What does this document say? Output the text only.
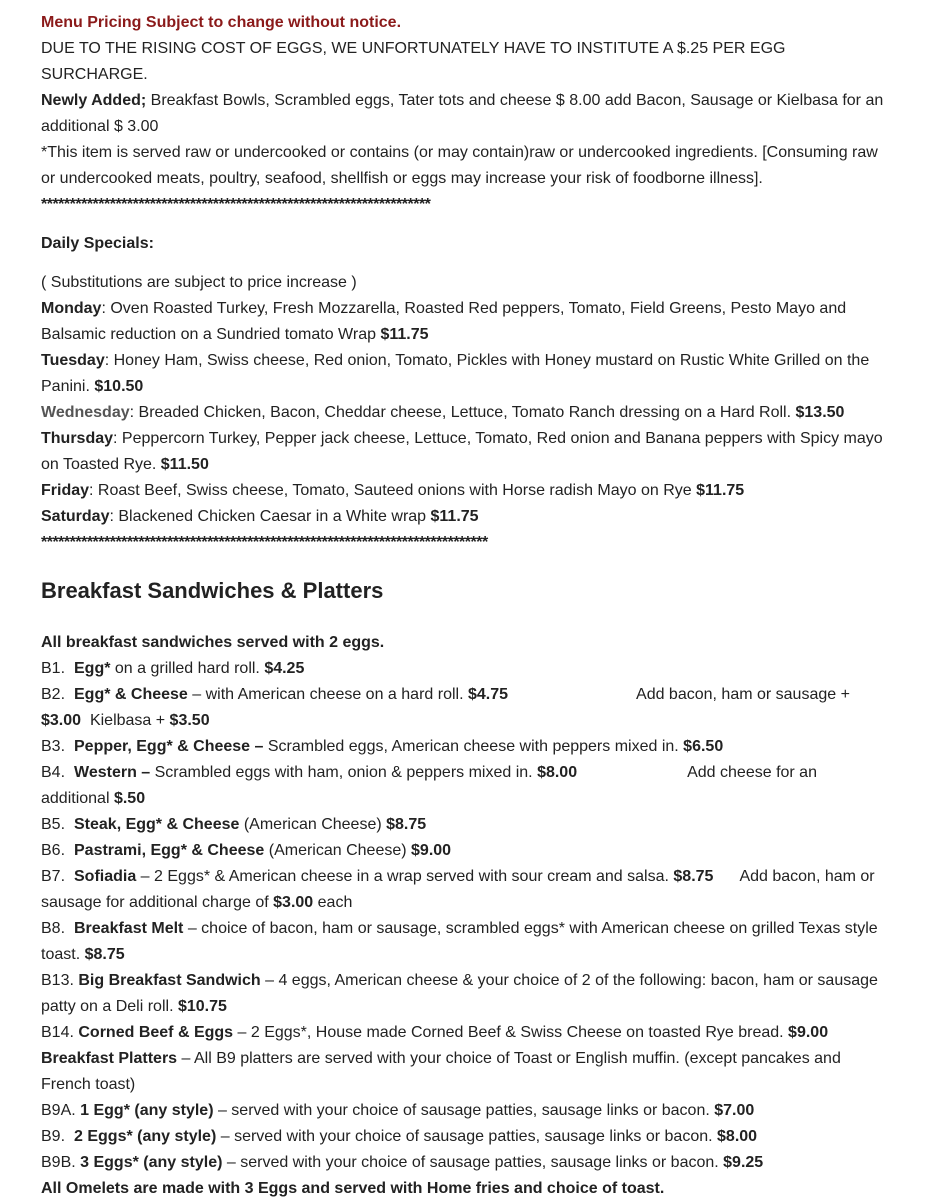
Menu Pricing Subject to change without notice.

DUE TO THE RISING COST OF EGGS, WE UNFORTUNATELY HAVE TO INSTITUTE A $.25 PER EGG SURCHARGE.

Newly Added; Breakfast Bowls, Scrambled eggs, Tater tots and cheese $ 8.00 add Bacon, Sausage or Kielbasa for an additional $ 3.00

*This item is served raw or undercooked or contains (or may contain)raw or undercooked ingredients. [Consuming raw or undercooked meats, poultry, seafood, shellfish or eggs may increase your risk of foodborne illness].

********************************************************************

Daily Specials:

( Substitutions are subject to price increase )

Monday: Oven Roasted Turkey, Fresh Mozzarella, Roasted Red peppers, Tomato, Field Greens, Pesto Mayo and Balsamic reduction on a Sundried tomato Wrap $11.75

Tuesday: Honey Ham, Swiss cheese, Red onion, Tomato, Pickles with Honey mustard on Rustic White Grilled on the Panini. $10.50

Wednesday: Breaded Chicken, Bacon, Cheddar cheese, Lettuce, Tomato Ranch dressing on a Hard Roll. $13.50

Thursday: Peppercorn Turkey, Pepper jack cheese, Lettuce, Tomato, Red onion and Banana peppers with Spicy mayo on Toasted Rye. $11.50

Friday: Roast Beef, Swiss cheese, Tomato, Sauteed onions with Horse radish Mayo on Rye $11.75

Saturday: Blackened Chicken Caesar in a White wrap $11.75

******************************************************************************
Breakfast Sandwiches & Platters

All breakfast sandwiches served with 2 eggs.

B1. Egg* on a grilled hard roll. $4.25

B2. Egg* & Cheese – with American cheese on a hard roll. $4.75	Add bacon, ham or sausage + $3.00  Kielbasa + $3.50

B3. Pepper, Egg* & Cheese – Scrambled eggs, American cheese with peppers mixed in. $6.50

B4. Western – Scrambled eggs with ham, onion & peppers mixed in. $8.00	Add cheese for an additional $.50

B5. Steak, Egg* & Cheese (American Cheese) $8.75

B6. Pastrami, Egg* & Cheese (American Cheese) $9.00

B7. Sofiadia – 2 Eggs* & American cheese in a wrap served with sour cream and salsa. $8.75 Add bacon, ham or sausage for additional charge of $3.00 each

B8. Breakfast Melt – choice of bacon, ham or sausage, scrambled eggs* with American cheese on grilled Texas style toast. $8.75

B13. Big Breakfast Sandwich – 4 eggs, American cheese & your choice of 2 of the following: bacon, ham or sausage patty on a Deli roll. $10.75

B14. Corned Beef & Eggs – 2 Eggs*, House made Corned Beef & Swiss Cheese on toasted Rye bread. $9.00

Breakfast Platters – All B9 platters are served with your choice of Toast or English muffin. (except pancakes and French toast)

B9A. 1 Egg* (any style) – served with your choice of sausage patties, sausage links or bacon. $7.00

B9. 2 Eggs* (any style) – served with your choice of sausage patties, sausage links or bacon. $8.00

B9B. 3 Eggs* (any style) – served with your choice of sausage patties, sausage links or bacon. $9.25

All Omelets are made with 3 Eggs and served with Home fries and choice of toast.
